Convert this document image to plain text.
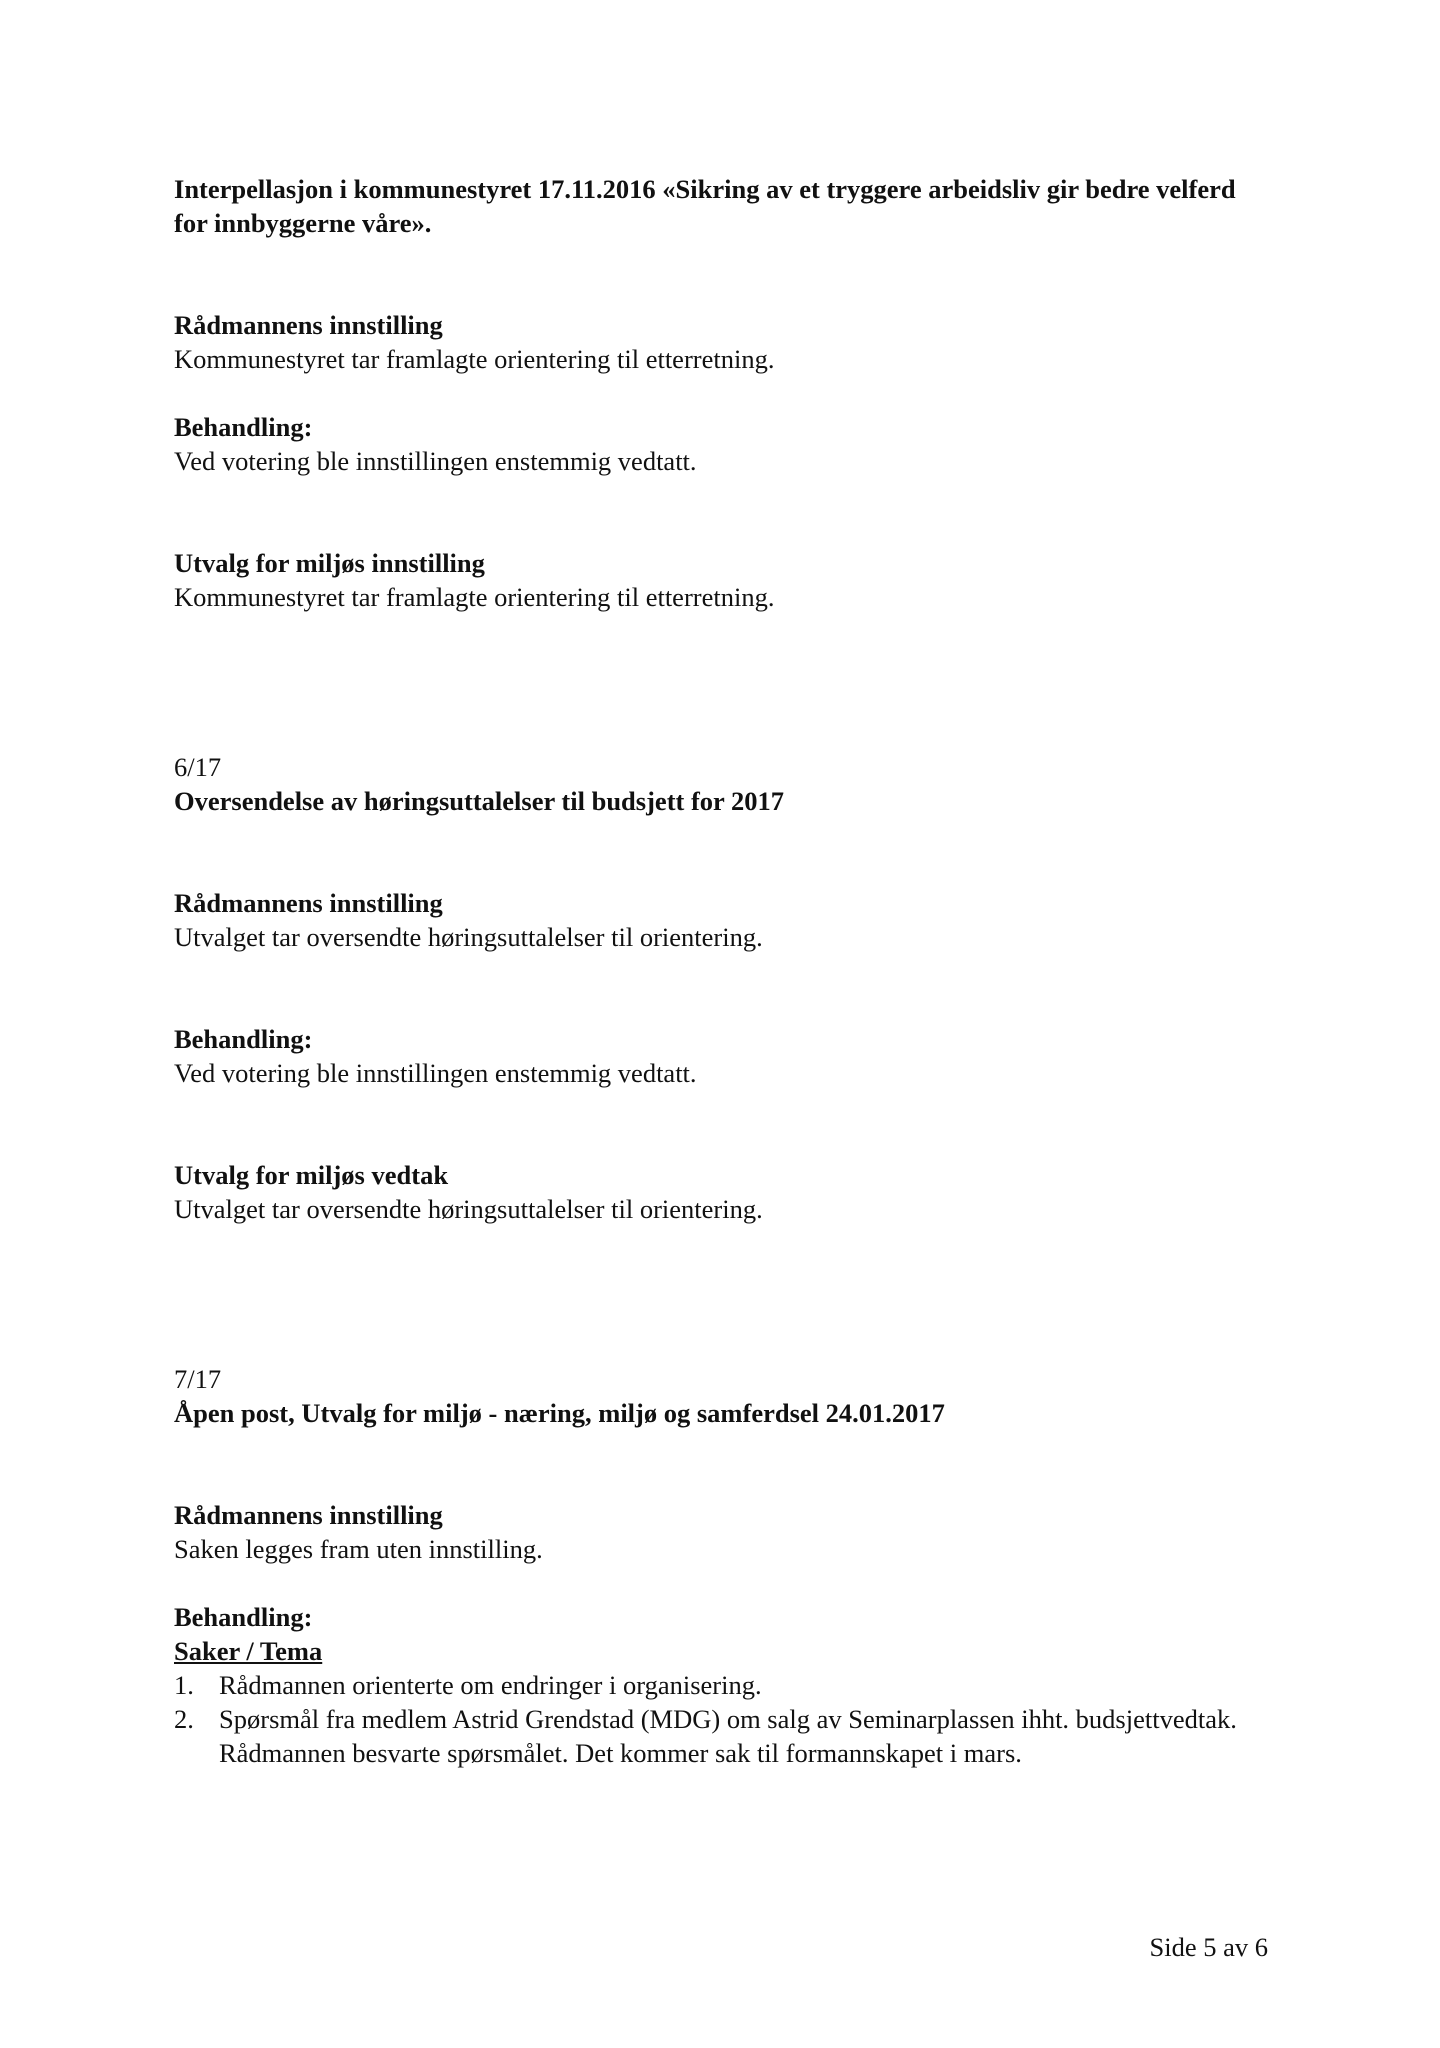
Interpellasjon i kommunestyret 17.11.2016 «Sikring av et tryggere arbeidsliv gir bedre velferd for innbyggerne våre».

Rådmannens innstilling

Kommunestyret tar framlagte orientering til etterretning.

Behandling:

Ved votering ble innstillingen enstemmig vedtatt.

Utvalg for miljøs innstilling

Kommunestyret tar framlagte orientering til etterretning.

6/17

Oversendelse av høringsuttalelser til budsjett for 2017

Rådmannens innstilling

Utvalget tar oversendte høringsuttalelser til orientering.

Behandling:

Ved votering ble innstillingen enstemmig vedtatt.

Utvalg for miljøs vedtak

Utvalget tar oversendte høringsuttalelser til orientering.

7/17

Åpen post, Utvalg for miljø - næring, miljø og samferdsel 24.01.2017

Rådmannens innstilling

Saken legges fram uten innstilling.

Behandling:

Saker / Tema

1. Rådmannen orienterte om endringer i organisering.
2. Spørsmål fra medlem Astrid Grendstad (MDG) om salg av Seminarplassen ihht. budsjettvedtak. Rådmannen besvarte spørsmålet. Det kommer sak til formannskapet i mars.
Side 5 av 6
